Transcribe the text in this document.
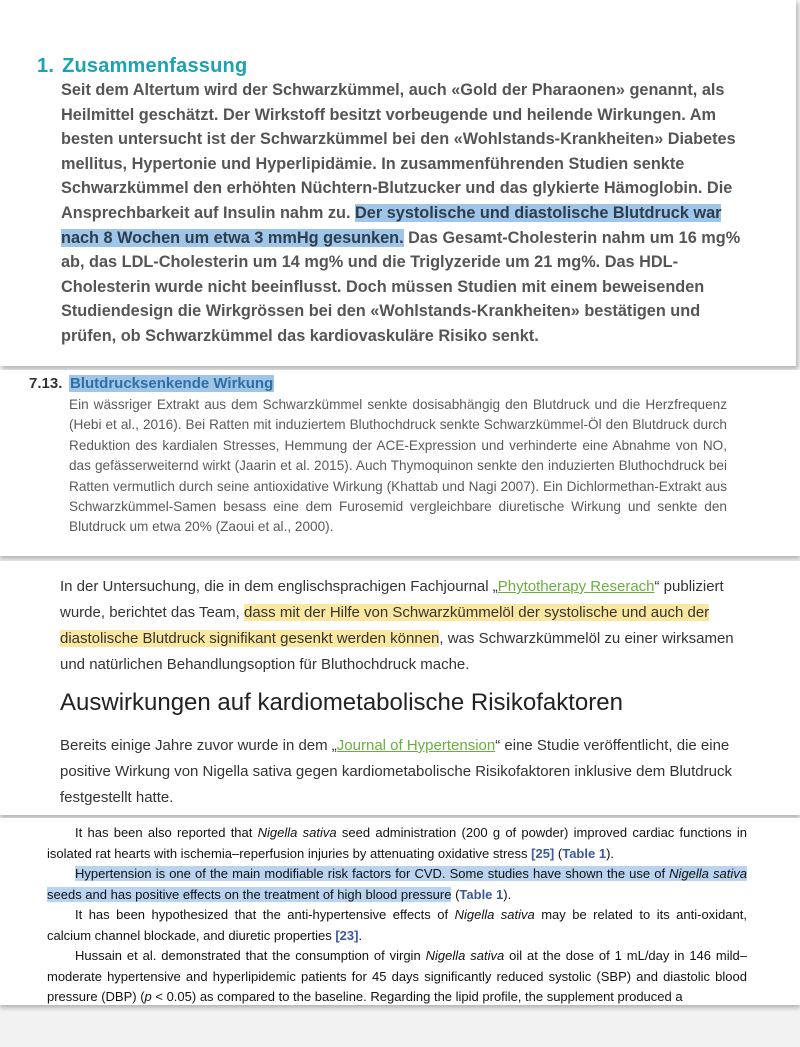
1. Zusammenfassung
Seit dem Altertum wird der Schwarzkümmel, auch «Gold der Pharaonen» genannt, als Heilmittel geschätzt. Der Wirkstoff besitzt vorbeugende und heilende Wirkungen. Am besten untersucht ist der Schwarzkümmel bei den «Wohlstands-Krankheiten» Diabetes mellitus, Hypertonie und Hyperlipidämie. In zusammenführenden Studien senkte Schwarzkümmel den erhöhten Nüchtern-Blutzucker und das glykierte Hämoglobin. Die Ansprechbarkeit auf Insulin nahm zu. Der systolische und diastolische Blutdruck war nach 8 Wochen um etwa 3 mmHg gesunken. Das Gesamt-Cholesterin nahm um 16 mg% ab, das LDL-Cholesterin um 14 mg% und die Triglyzeride um 21 mg%. Das HDL-Cholesterin wurde nicht beeinflusst. Doch müssen Studien mit einem beweisenden Studiendesign die Wirkgrössen bei den «Wohlstands-Krankheiten» bestätigen und prüfen, ob Schwarzkümmel das kardiovaskuläre Risiko senkt.
7.13. Blutdrucksenkende Wirkung
Ein wässriger Extrakt aus dem Schwarzkümmel senkte dosisabhängig den Blutdruck und die Herzfrequenz (Hebi et al., 2016). Bei Ratten mit induziertem Bluthochdruck senkte Schwarzkümmel-Öl den Blutdruck durch Reduktion des kardialen Stresses, Hemmung der ACE-Expression und verhinderte eine Abnahme von NO, das gefässerweiternd wirkt (Jaarin et al. 2015). Auch Thymoquinon senkte den induzierten Bluthochdruck bei Ratten vermutlich durch seine antioxidative Wirkung (Khattab und Nagi 2007). Ein Dichlormethan-Extrakt aus Schwarzkümmel-Samen besass eine dem Furosemid vergleichbare diuretische Wirkung und senkte den Blutdruck um etwa 20% (Zaoui et al., 2000).
In der Untersuchung, die in dem englischsprachigen Fachjournal „Phytotherapy Reserach“ publiziert wurde, berichtet das Team, dass mit der Hilfe von Schwarzkümmelöl der systolische und auch der diastolische Blutdruck signifikant gesenkt werden können, was Schwarzkümmelöl zu einer wirksamen und natürlichen Behandlungsoption für Bluthochdruck mache.
Auswirkungen auf kardiometabolische Risikofaktoren
Bereits einige Jahre zuvor wurde in dem „Journal of Hypertension“ eine Studie veröffentlicht, die eine positive Wirkung von Nigella sativa gegen kardiometabolische Risikofaktoren inklusive dem Blutdruck festgestellt hatte.

It has been also reported that Nigella sativa seed administration (200 g of powder) improved cardiac functions in isolated rat hearts with ischemia–reperfusion injuries by attenuating oxidative stress [25] (Table 1).

Hypertension is one of the main modifiable risk factors for CVD. Some studies have shown the use of Nigella sativa seeds and has positive effects on the treatment of high blood pressure (Table 1).

It has been hypothesized that the anti-hypertensive effects of Nigella sativa may be related to its anti-oxidant, calcium channel blockade, and diuretic properties [23].

Hussain et al. demonstrated that the consumption of virgin Nigella sativa oil at the dose of 1 mL/day in 146 mild–moderate hypertensive and hyperlipidemic patients for 45 days significantly reduced systolic (SBP) and diastolic blood pressure (DBP) (p < 0.05) as compared to the baseline. Regarding the lipid profile, the supplement produced a
